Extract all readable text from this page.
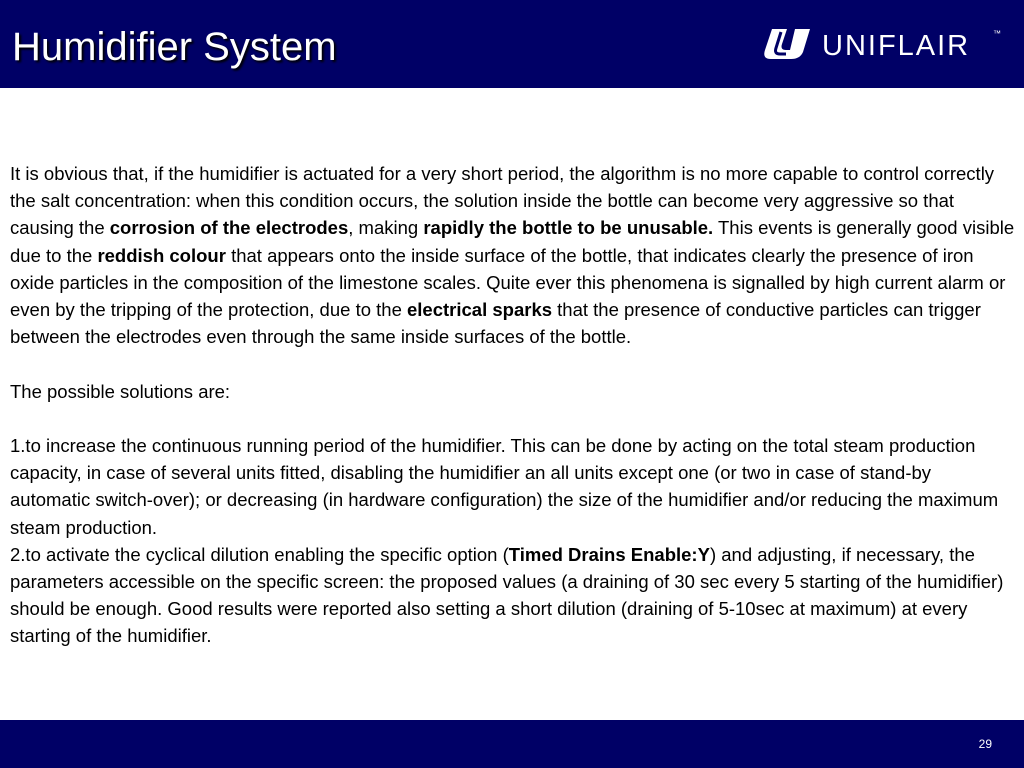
Humidifier System	UNIFLAIR	™

It is obvious that, if the humidifier is actuated for a very short period, the algorithm is no more capable to control correctly the salt concentration: when this condition occurs, the solution inside the bottle can become very aggressive so that causing the corrosion of the electrodes, making rapidly the bottle to be unusable. This events is generally good visible due to the reddish colour that appears onto the inside surface of the bottle, that indicates clearly the presence of iron oxide particles in the composition of the limestone scales. Quite ever this phenomena is signalled by high current alarm or even by the tripping of the protection, due to the electrical sparks that the presence of conductive particles can trigger between the electrodes even through the same inside surfaces of the bottle.

The possible solutions are:

1.to increase the continuous running period of the humidifier. This can be done by acting on the total steam production capacity, in case of several units fitted, disabling the humidifier an all units except one (or two in case of stand-by automatic switch-over); or decreasing (in hardware configuration) the size of the humidifier and/or reducing the maximum steam production.

2.to activate the cyclical dilution enabling the specific option (Timed Drains Enable:Y) and adjusting, if necessary, the parameters accessible on the specific screen: the proposed values (a draining of 30 sec every 5 starting of the humidifier) should be enough. Good results were reported also setting a short dilution (draining of 5-10sec at maximum) at every starting of the humidifier.

29
